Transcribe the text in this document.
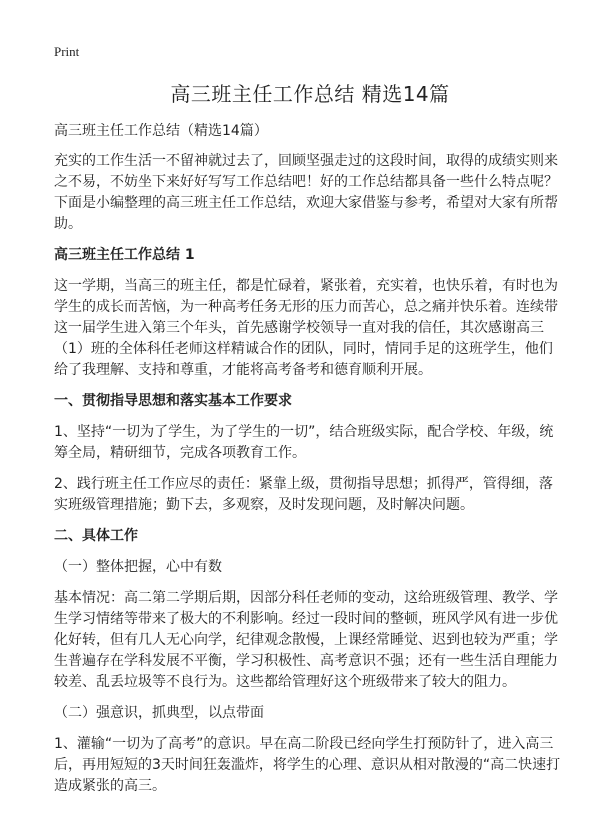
Print
高三班主任工作总结 精选14篇

高三班主任工作总结（精选14篇）

充实的工作生活一不留神就过去了，回顾坚强走过的这段时间，取得的成绩实则来之不易，不妨坐下来好好写写工作总结吧！好的工作总结都具备一些什么特点呢？下面是小编整理的高三班主任工作总结，欢迎大家借鉴与参考，希望对大家有所帮助。

高三班主任工作总结 1

这一学期，当高三的班主任，都是忙碌着，紧张着，充实着，也快乐着，有时也为学生的成长而苦恼，为一种高考任务无形的压力而苦心，总之痛并快乐着。连续带这一届学生进入第三个年头，首先感谢学校领导一直对我的信任，其次感谢高三（1）班的全体科任老师这样精诚合作的团队，同时，情同手足的这班学生，他们给了我理解、支持和尊重，才能将高考备考和德育顺利开展。

一、贯彻指导思想和落实基本工作要求

1、坚持“一切为了学生，为了学生的一切”，结合班级实际，配合学校、年级，统筹全局，精研细节，完成各项教育工作。

2、践行班主任工作应尽的责任：紧靠上级，贯彻指导思想；抓得严，管得细，落实班级管理措施；勤下去，多观察，及时发现问题，及时解决问题。

二、具体工作

（一）整体把握，心中有数

基本情况：高二第二学期后期，因部分科任老师的变动，这给班级管理、教学、学生学习情绪等带来了极大的不利影响。经过一段时间的整顿，班风学风有进一步优化好转，但有几人无心向学，纪律观念散慢，上课经常睡觉、迟到也较为严重；学生普遍存在学科发展不平衡，学习积极性、高考意识不强；还有一些生活自理能力较差、乱丢垃圾等不良行为。这些都给管理好这个班级带来了较大的阻力。

（二）强意识，抓典型，以点带面

1、灌输“一切为了高考”的意识。早在高二阶段已经向学生打预防针了，进入高三后，再用短短的3天时间狂轰滥炸，将学生的心理、意识从相对散漫的“高二快速打造成紧张的高三。
